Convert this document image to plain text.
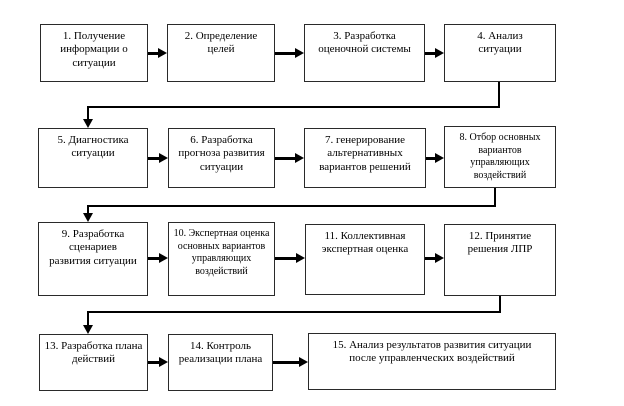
1. Получение информации о ситуации
2. Определение целей
3. Разработка оценочной системы
4. Анализ ситуации
5. Диагностика ситуации
6. Разработка прогноза развития ситуации
7. генерирование альтернативных вариантов решений
8. Отбор основных вариантов управляющих воздействий
9. Разработка сценариев развития ситуации
10. Экспертная оценка основных вариантов управляющих воздействий
11. Коллективная экспертная оценка
12. Принятие решения ЛПР
13. Разработка плана действий
14. Контроль реализации плана
15. Анализ результатов развития ситуации после управленческих воздействий
